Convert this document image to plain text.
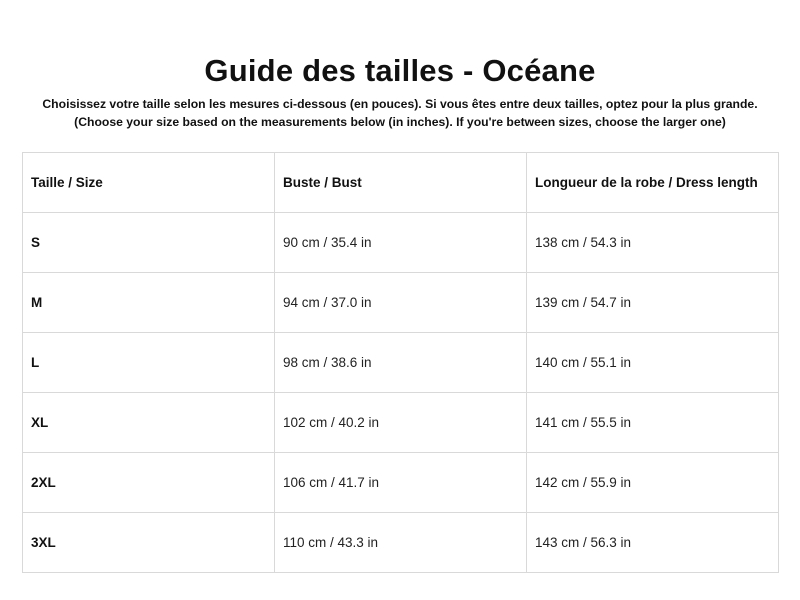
Guide des tailles - Océane
Choisissez votre taille selon les mesures ci-dessous (en pouces). Si vous êtes entre deux tailles, optez pour la plus grande.
(Choose your size based on the measurements below (in inches). If you're between sizes, choose the larger one)
Taille / Size	Buste / Bust	Longueur de la robe / Dress length
S	90 cm / 35.4 in	138 cm / 54.3 in
M	94 cm / 37.0 in	139 cm / 54.7 in
L	98 cm / 38.6 in	140 cm / 55.1 in
XL	102 cm / 40.2 in	141 cm / 55.5 in
2XL	106 cm / 41.7 in	142 cm / 55.9 in
3XL	110 cm / 43.3 in	143 cm / 56.3 in
